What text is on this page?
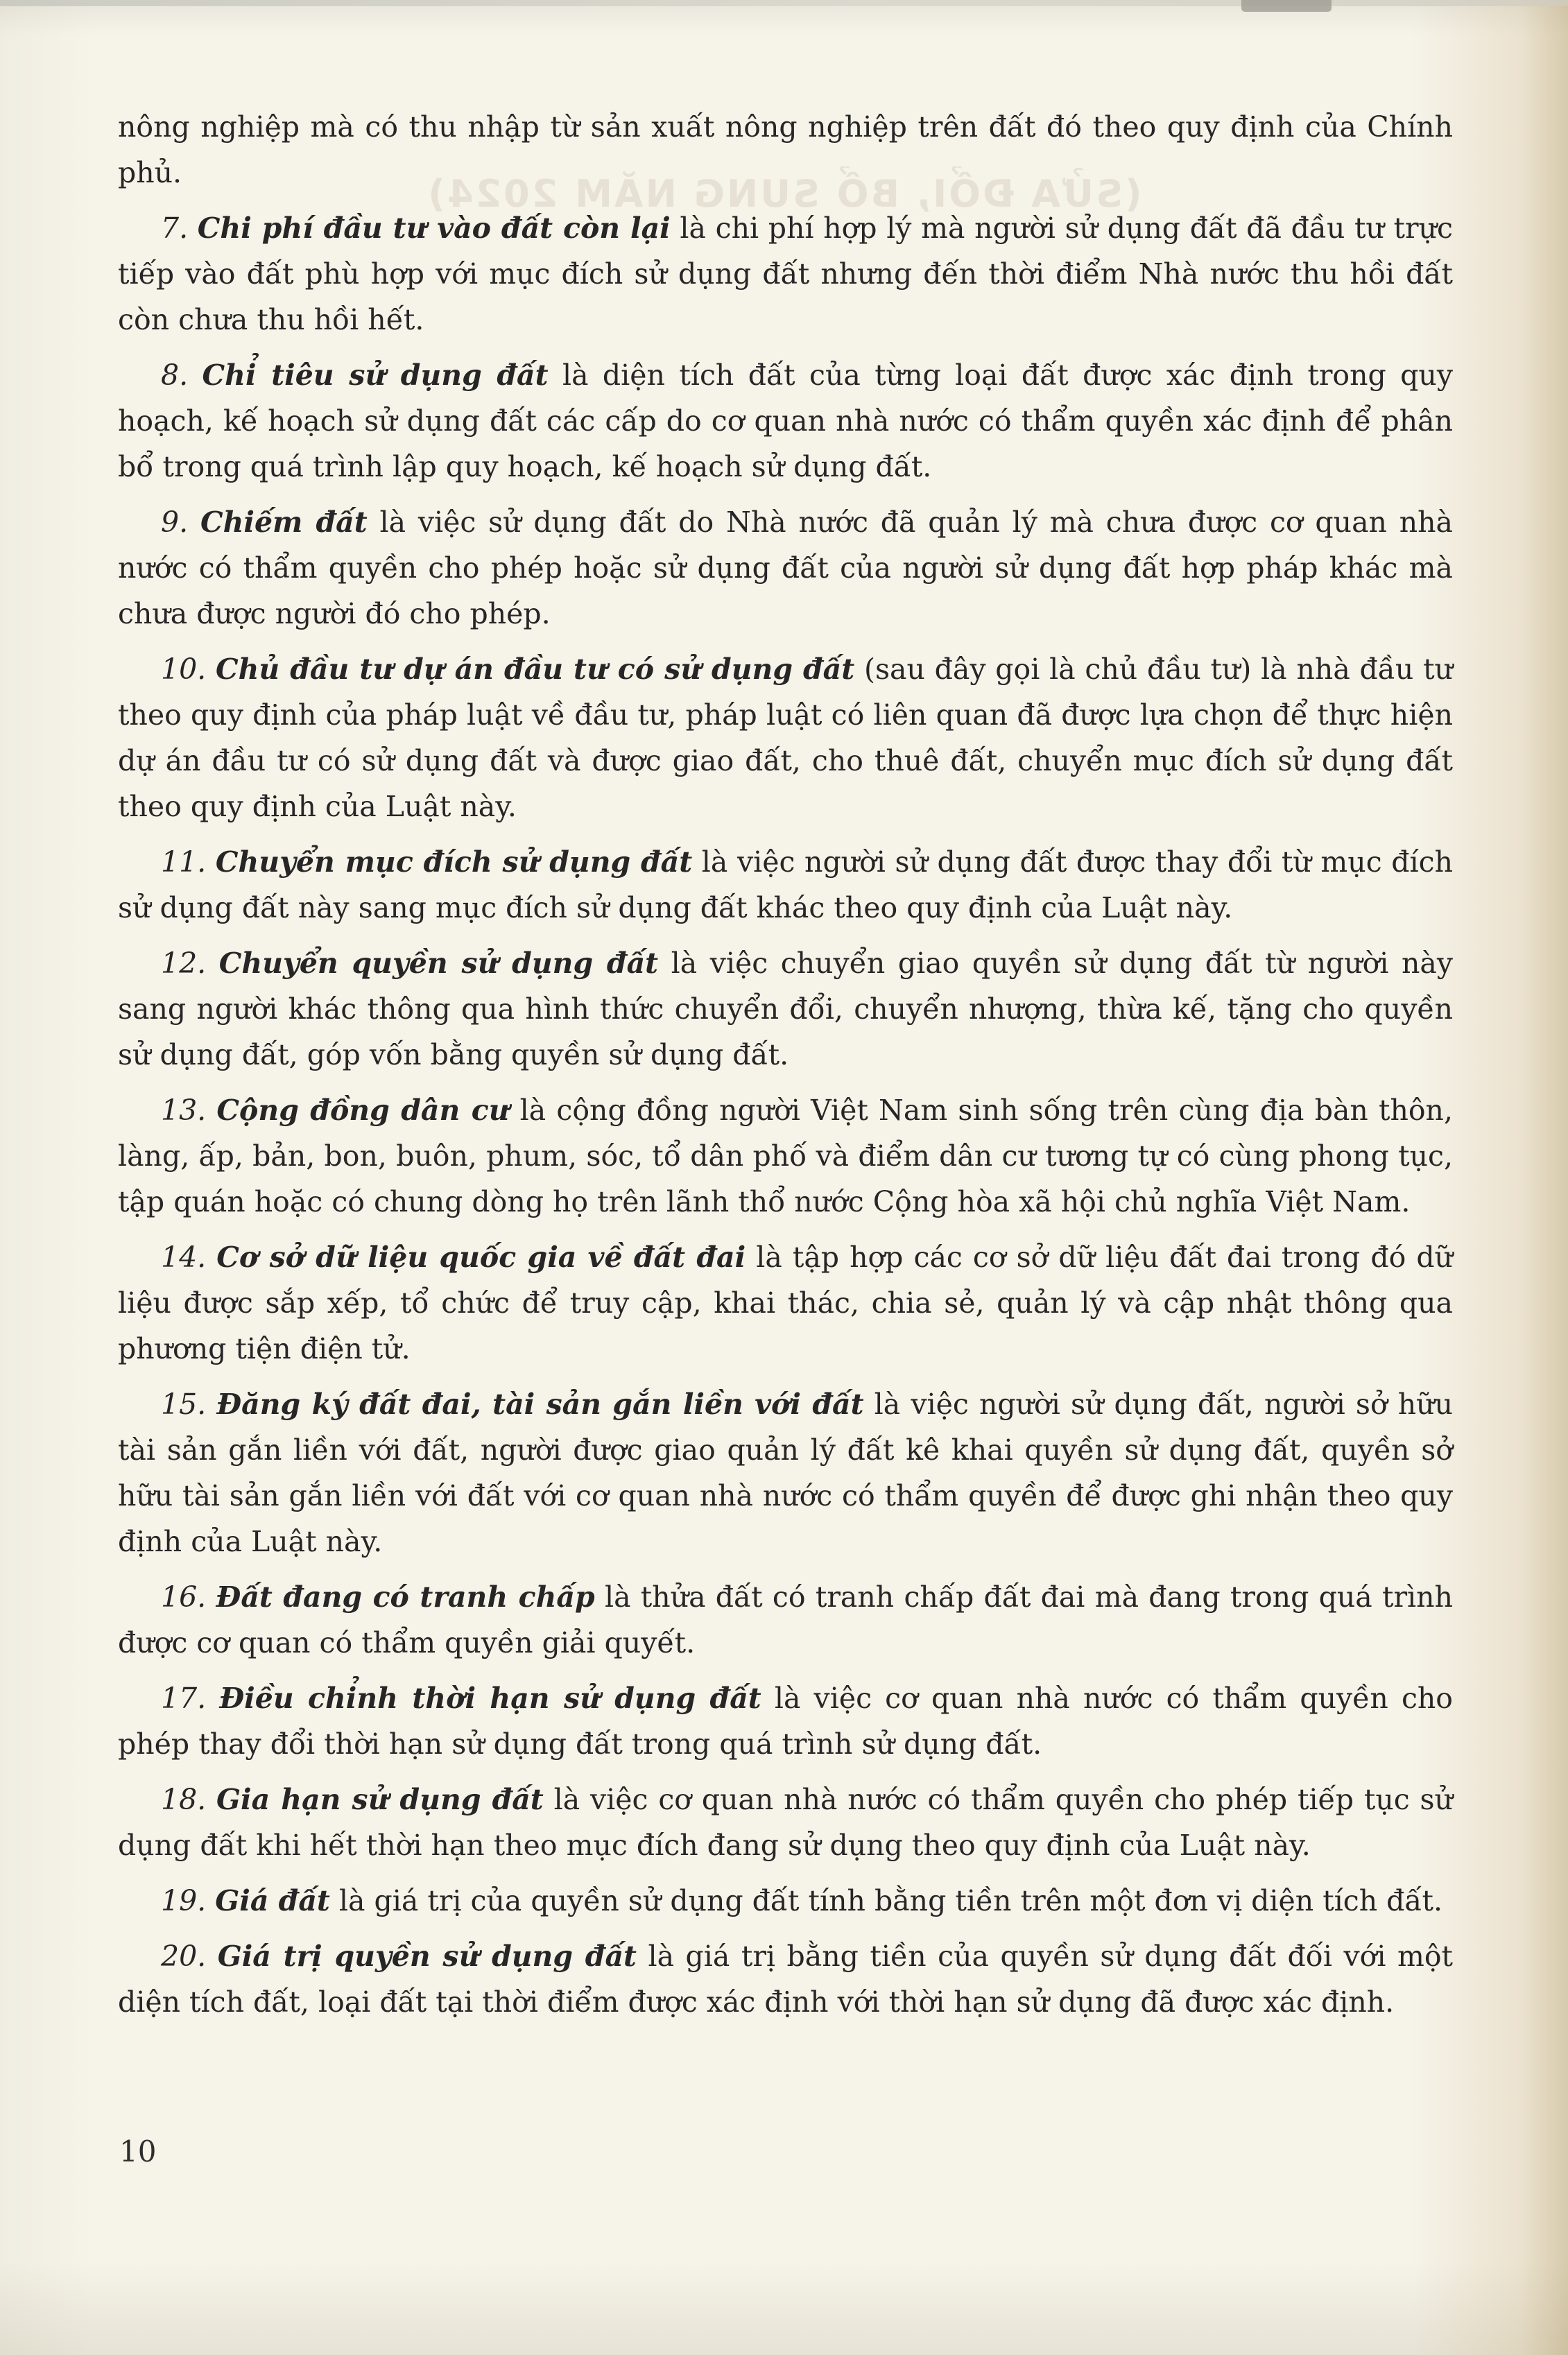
(SỬA ĐỔI, BỔ SUNG NĂM 2024)

nông nghiệp mà có thu nhập từ sản xuất nông nghiệp trên đất đó theo quy định của Chính phủ.

7. Chi phí đầu tư vào đất còn lại là chi phí hợp lý mà người sử dụng đất đã đầu tư trực tiếp vào đất phù hợp với mục đích sử dụng đất nhưng đến thời điểm Nhà nước thu hồi đất còn chưa thu hồi hết.

8. Chỉ tiêu sử dụng đất là diện tích đất của từng loại đất được xác định trong quy hoạch, kế hoạch sử dụng đất các cấp do cơ quan nhà nước có thẩm quyền xác định để phân bổ trong quá trình lập quy hoạch, kế hoạch sử dụng đất.

9. Chiếm đất là việc sử dụng đất do Nhà nước đã quản lý mà chưa được cơ quan nhà nước có thẩm quyền cho phép hoặc sử dụng đất của người sử dụng đất hợp pháp khác mà chưa được người đó cho phép.

10. Chủ đầu tư dự án đầu tư có sử dụng đất (sau đây gọi là chủ đầu tư) là nhà đầu tư theo quy định của pháp luật về đầu tư, pháp luật có liên quan đã được lựa chọn để thực hiện dự án đầu tư có sử dụng đất và được giao đất, cho thuê đất, chuyển mục đích sử dụng đất theo quy định của Luật này.

11. Chuyển mục đích sử dụng đất là việc người sử dụng đất được thay đổi từ mục đích sử dụng đất này sang mục đích sử dụng đất khác theo quy định của Luật này.

12. Chuyển quyền sử dụng đất là việc chuyển giao quyền sử dụng đất từ người này sang người khác thông qua hình thức chuyển đổi, chuyển nhượng, thừa kế, tặng cho quyền sử dụng đất, góp vốn bằng quyền sử dụng đất.

13. Cộng đồng dân cư là cộng đồng người Việt Nam sinh sống trên cùng địa bàn thôn, làng, ấp, bản, bon, buôn, phum, sóc, tổ dân phố và điểm dân cư tương tự có cùng phong tục, tập quán hoặc có chung dòng họ trên lãnh thổ nước Cộng hòa xã hội chủ nghĩa Việt Nam.

14. Cơ sở dữ liệu quốc gia về đất đai là tập hợp các cơ sở dữ liệu đất đai trong đó dữ liệu được sắp xếp, tổ chức để truy cập, khai thác, chia sẻ, quản lý và cập nhật thông qua phương tiện điện tử.

15. Đăng ký đất đai, tài sản gắn liền với đất là việc người sử dụng đất, người sở hữu tài sản gắn liền với đất, người được giao quản lý đất kê khai quyền sử dụng đất, quyền sở hữu tài sản gắn liền với đất với cơ quan nhà nước có thẩm quyền để được ghi nhận theo quy định của Luật này.

16. Đất đang có tranh chấp là thửa đất có tranh chấp đất đai mà đang trong quá trình được cơ quan có thẩm quyền giải quyết.

17. Điều chỉnh thời hạn sử dụng đất là việc cơ quan nhà nước có thẩm quyền cho phép thay đổi thời hạn sử dụng đất trong quá trình sử dụng đất.

18. Gia hạn sử dụng đất là việc cơ quan nhà nước có thẩm quyền cho phép tiếp tục sử dụng đất khi hết thời hạn theo mục đích đang sử dụng theo quy định của Luật này.

19. Giá đất là giá trị của quyền sử dụng đất tính bằng tiền trên một đơn vị diện tích đất.

20. Giá trị quyền sử dụng đất là giá trị bằng tiền của quyền sử dụng đất đối với một diện tích đất, loại đất tại thời điểm được xác định với thời hạn sử dụng đã được xác định.

10
